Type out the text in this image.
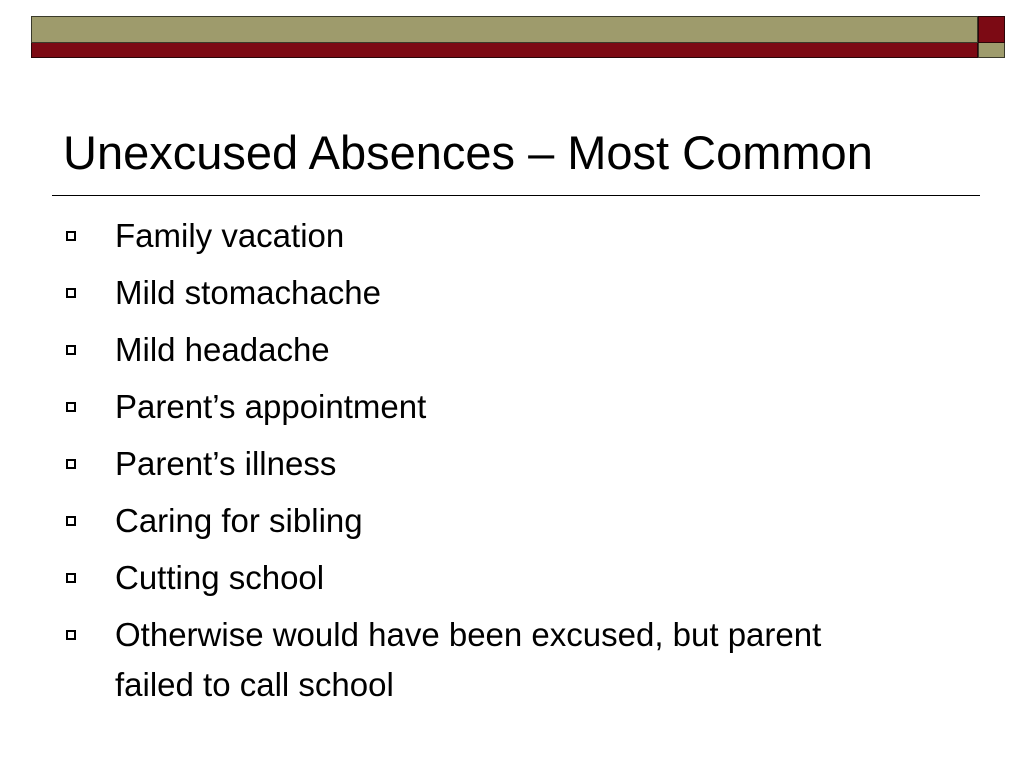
Unexcused Absences – Most Common
Family vacation
Mild stomachache
Mild headache
Parent’s appointment
Parent’s illness
Caring for sibling
Cutting school
Otherwise would have been excused, but parent failed to call school
